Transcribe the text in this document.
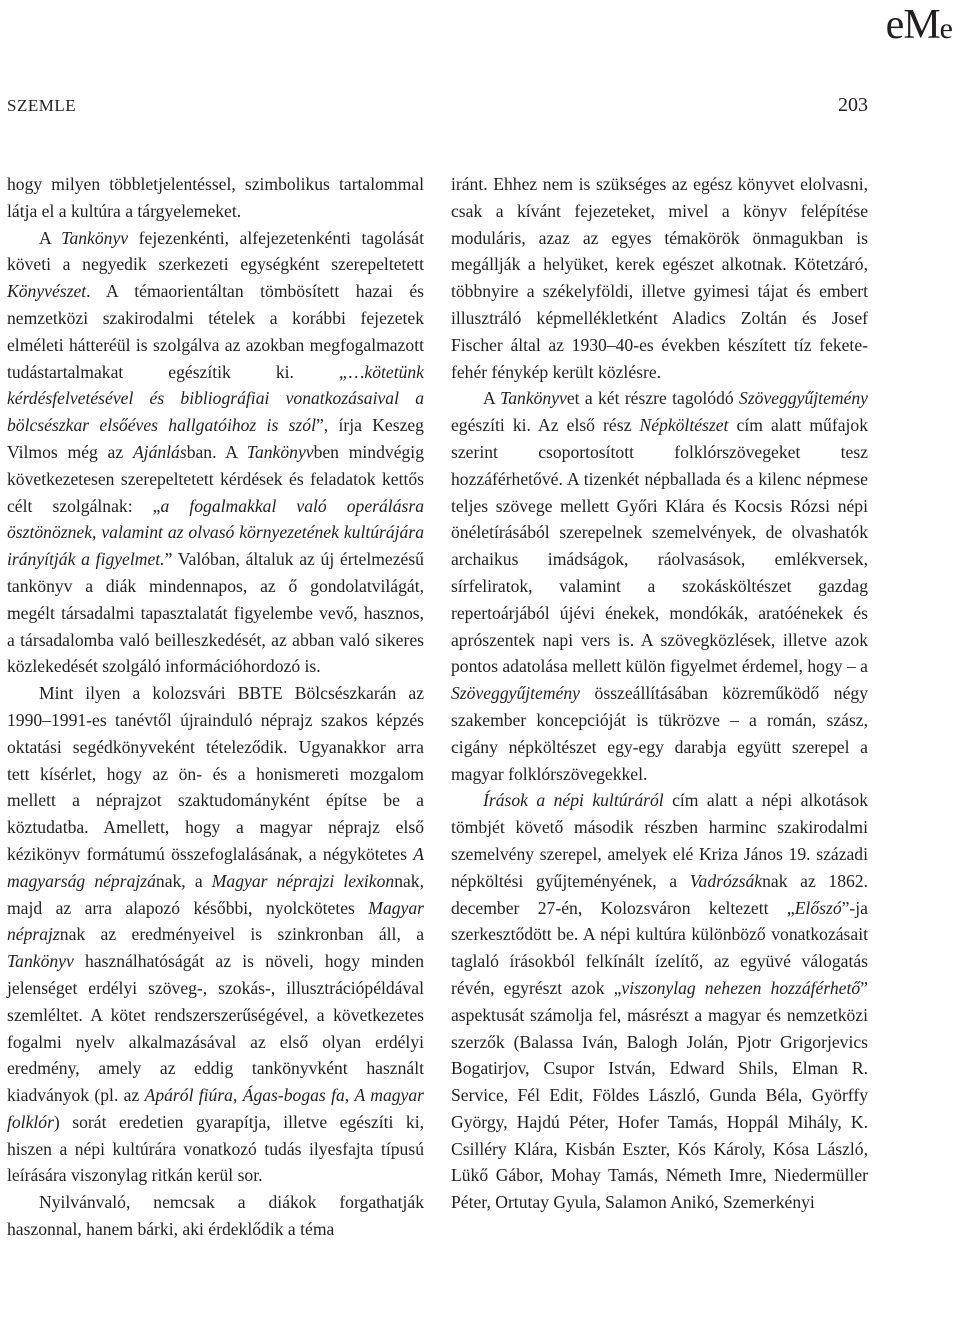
eMe
SZEMLE	203

hogy milyen többletjelentéssel, szimbolikus tartalommal látja el a kultúra a tárgyelemeket.

A Tankönyv fejezenkénti, alfejezetenkénti tagolását követi a negyedik szerkezeti egységként szerepeltetett Könyvészet. A témaorientáltan tömbösített hazai és nemzetközi szakirodalmi tételek a korábbi fejezetek elméleti hátteréül is szolgálva az azokban megfogalmazott tudástartalmakat egészítik ki. „…kötetünk kérdésfelvetésével és bibliográfiai vonatkozásaival a bölcsészkar elsőéves hallgatóihoz is szól”, írja Keszeg Vilmos még az Ajánlásban. A Tankönyvben mindvégig következetesen szerepeltetett kérdések és feladatok kettős célt szolgálnak: „a fogalmakkal való operálásra ösztönöznek, valamint az olvasó környezetének kultúrájára irányítják a figyelmet.” Valóban, általuk az új értelmezésű tankönyv a diák mindennapos, az ő gondolatvilágát, megélt társadalmi tapasztalatát figyelembe vevő, hasznos, a társadalomba való beilleszkedését, az abban való sikeres közlekedését szolgáló információhordozó is.

Mint ilyen a kolozsvári BBTE Bölcsészkarán az 1990–1991-es tanévtől újrainduló néprajz szakos képzés oktatási segédkönyveként tételeződik. Ugyanakkor arra tett kísérlet, hogy az ön- és a honismereti mozgalom mellett a néprajzot szaktudományként építse be a köztudatba. Amellett, hogy a magyar néprajz első kézikönyv formátumú összefoglalásának, a négykötetes A magyarság néprajzának, a Magyar néprajzi lexikonnak, majd az arra alapozó későbbi, nyolckötetes Magyar néprajznak az eredményeivel is szinkronban áll, a Tankönyv használhatóságát az is növeli, hogy minden jelenséget erdélyi szöveg-, szokás-, illusztrációpéldával szemléltet. A kötet rendszerszerűségével, a következetes fogalmi nyelv alkalmazásával az első olyan erdélyi eredmény, amely az eddig tankönyvként használt kiadványok (pl. az Apáról fiúra, Ágas-bogas fa, A magyar folklór) sorát eredetien gyarapítja, illetve egészíti ki, hiszen a népi kultúrára vonatkozó tudás ilyesfajta típusú leírására viszonylag ritkán kerül sor.

Nyilvánvaló, nemcsak a diákok forgathatják haszonnal, hanem bárki, aki érdeklődik a téma

iránt. Ehhez nem is szükséges az egész könyvet elolvasni, csak a kívánt fejezeteket, mivel a könyv felépítése moduláris, azaz az egyes témakörök önmagukban is megállják a helyüket, kerek egészet alkotnak. Kötetzáró, többnyire a székelyföldi, illetve gyimesi tájat és embert illusztráló képmellékletként Aladics Zoltán és Josef Fischer által az 1930–40-es években készített tíz fekete-fehér fénykép került közlésre.

A Tankönyvet a két részre tagolódó Szöveggyűjtemény egészíti ki. Az első rész Népköltészet cím alatt műfajok szerint csoportosított folklórszövegeket tesz hozzáférhetővé. A tizenkét népballada és a kilenc népmese teljes szövege mellett Győri Klára és Kocsis Rózsi népi önéletírásából szerepelnek szemelvények, de olvashatók archaikus imádságok, ráolvasások, emlékversek, sírfeliratok, valamint a szokásköltészet gazdag repertoárjából újévi énekek, mondókák, aratóénekek és aprószentek napi vers is. A szövegközlések, illetve azok pontos adatolása mellett külön figyelmet érdemel, hogy – a Szöveggyűjtemény összeállításában közreműködő négy szakember koncepcióját is tükrözve – a román, szász, cigány népköltészet egy-egy darabja együtt szerepel a magyar folklórszövegekkel.

Írások a népi kultúráról cím alatt a népi alkotások tömbjét követő második részben harminc szakirodalmi szemelvény szerepel, amelyek elé Kriza János 19. századi népköltési gyűjteményének, a Vadrózsáknak az 1862. december 27-én, Kolozsváron keltezett „Előszó”-ja szerkesztődött be. A népi kultúra különböző vonatkozásait taglaló írásokból felkínált ízelítő, az együvé válogatás révén, egyrészt azok „viszonylag nehezen hozzáférhető” aspektusát számolja fel, másrészt a magyar és nemzetközi szerzők (Balassa Iván, Balogh Jolán, Pjotr Grigorjevics Bogatirjov, Csupor István, Edward Shils, Elman R. Service, Fél Edit, Földes László, Gunda Béla, Györffy György, Hajdú Péter, Hofer Tamás, Hoppál Mihály, K. Csilléry Klára, Kisbán Eszter, Kós Károly, Kósa László, Lükő Gábor, Mohay Tamás, Németh Imre, Niedermüller Péter, Ortutay Gyula, Salamon Anikó, Szemerkényi
